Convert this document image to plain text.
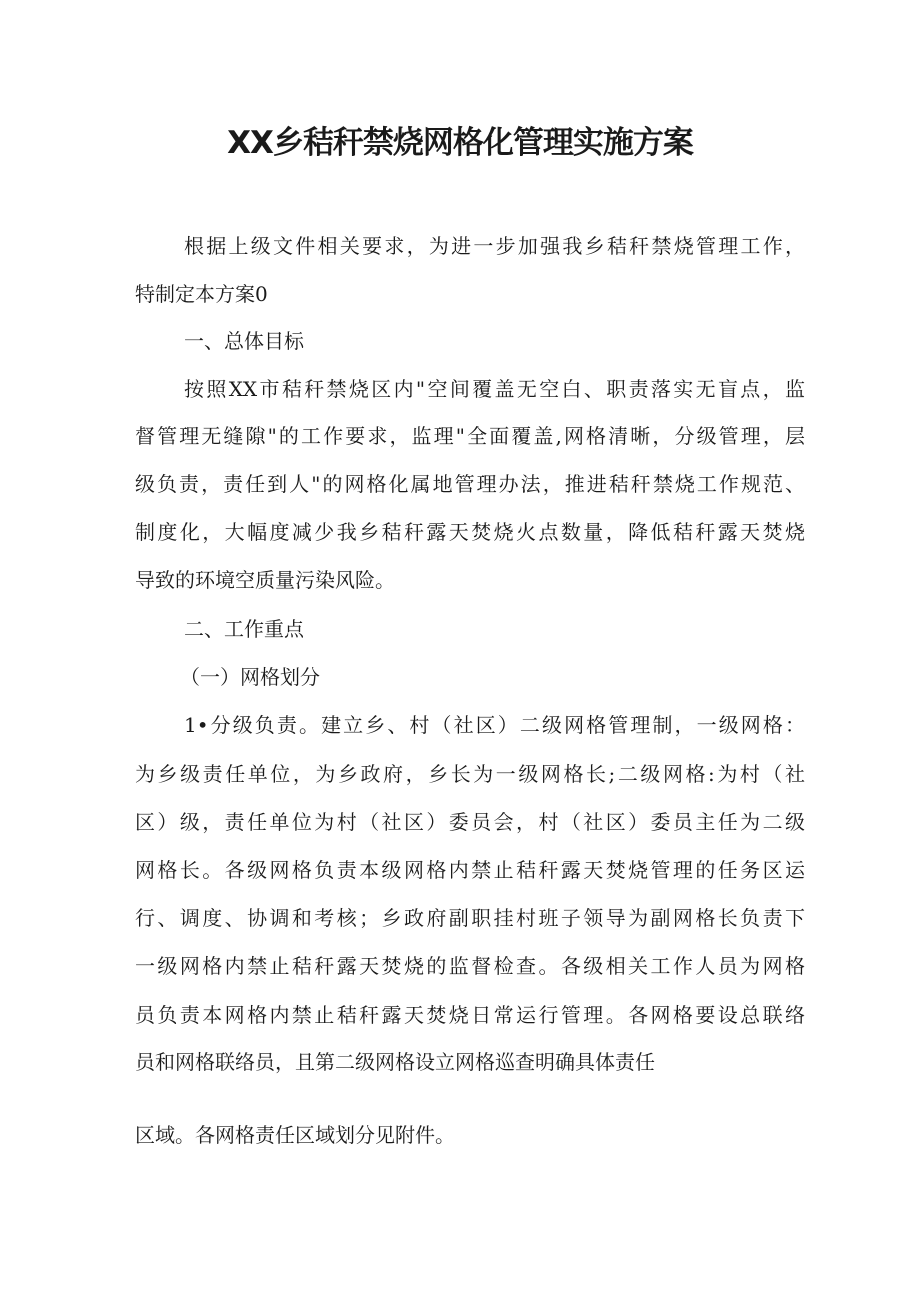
XX乡秸秆禁烧网格化管理实施方案

根据上级文件相关要求，为进一步加强我乡秸秆禁烧管理工作，

特制定本方案0

一、总体目标

按照XX市秸秆禁烧区内"空间覆盖无空白、职责落实无盲点，监

督管理无缝隙"的工作要求，监理"全面覆盖,网格清晰，分级管理，层

级负责，责任到人"的网格化属地管理办法，推进秸秆禁烧工作规范、

制度化，大幅度减少我乡秸秆露天焚烧火点数量，降低秸秆露天焚烧

导致的环境空质量污染风险。

二、工作重点

（一）网格划分

1•分级负责。建立乡、村（社区）二级网格管理制，一级网格：

为乡级责任单位，为乡政府，乡长为一级网格长;二级网格:为村（社

区）级，责任单位为村（社区）委员会，村（社区）委员主任为二级

网格长。各级网格负责本级网格内禁止秸秆露天焚烧管理的任务区运

行、调度、协调和考核；乡政府副职挂村班子领导为副网格长负责下

一级网格内禁止秸秆露天焚烧的监督检查。各级相关工作人员为网格

员负责本网格内禁止秸秆露天焚烧日常运行管理。各网格要设总联络

员和网格联络员，且第二级网格设立网格巡查明确具体责任

区域。各网格责任区域划分见附件。
